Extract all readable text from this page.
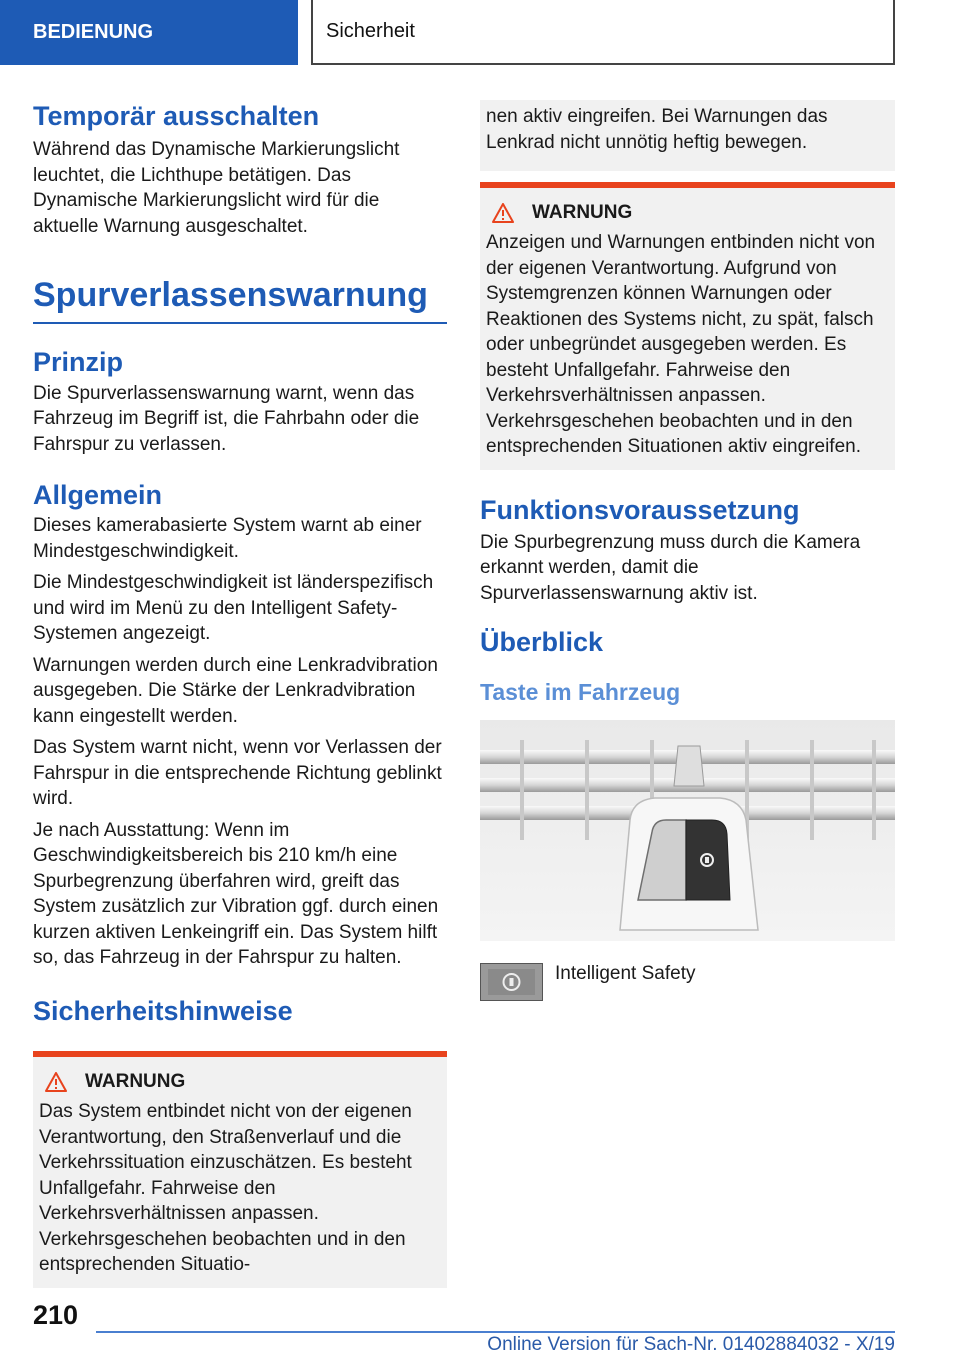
BEDIENUNG	Sicherheit
Temporär ausschalten

Während das Dynamische Markierungslicht leuchtet, die Lichthupe betätigen. Das Dynamische Markierungslicht wird für die aktuelle Warnung ausgeschaltet.

Spurverlassenswarnung
Prinzip

Die Spurverlassenswarnung warnt, wenn das Fahrzeug im Begriff ist, die Fahrbahn oder die Fahrspur zu verlassen.

Allgemein

Dieses kamerabasierte System warnt ab einer Mindestgeschwindigkeit.

Die Mindestgeschwindigkeit ist länderspezifisch und wird im Menü zu den Intelligent Safety-Systemen angezeigt.

Warnungen werden durch eine Lenkradvibration ausgegeben. Die Stärke der Lenkradvibration kann eingestellt werden.

Das System warnt nicht, wenn vor Verlassen der Fahrspur in die entsprechende Richtung geblinkt wird.

Je nach Ausstattung: Wenn im Geschwindigkeitsbereich bis 210 km/h eine Spurbegrenzung überfahren wird, greift das System zusätzlich zur Vibration ggf. durch einen kurzen aktiven Lenkeingriff ein. Das System hilft so, das Fahrzeug in der Fahrspur zu halten.

Sicherheitshinweise
WARNUNG

Das System entbindet nicht von der eigenen Verantwortung, den Straßenverlauf und die Verkehrssituation einzuschätzen. Es besteht Unfallgefahr. Fahrweise den Verkehrsverhältnissen anpassen. Verkehrsgeschehen beobachten und in den entsprechenden Situatio-

nen aktiv eingreifen. Bei Warnungen das Lenkrad nicht unnötig heftig bewegen.

WARNUNG

Anzeigen und Warnungen entbinden nicht von der eigenen Verantwortung. Aufgrund von Systemgrenzen können Warnungen oder Reaktionen des Systems nicht, zu spät, falsch oder unbegründet ausgegeben werden. Es besteht Unfallgefahr. Fahrweise den Verkehrsverhältnissen anpassen. Verkehrsgeschehen beobachten und in den entsprechenden Situationen aktiv eingreifen.

Funktionsvoraussetzung

Die Spurbegrenzung muss durch die Kamera erkannt werden, damit die Spurverlassenswarnung aktiv ist.

Überblick
Taste im Fahrzeug

Intelligent Safety

210
Online Version für Sach-Nr. 01402884032 - X/19
